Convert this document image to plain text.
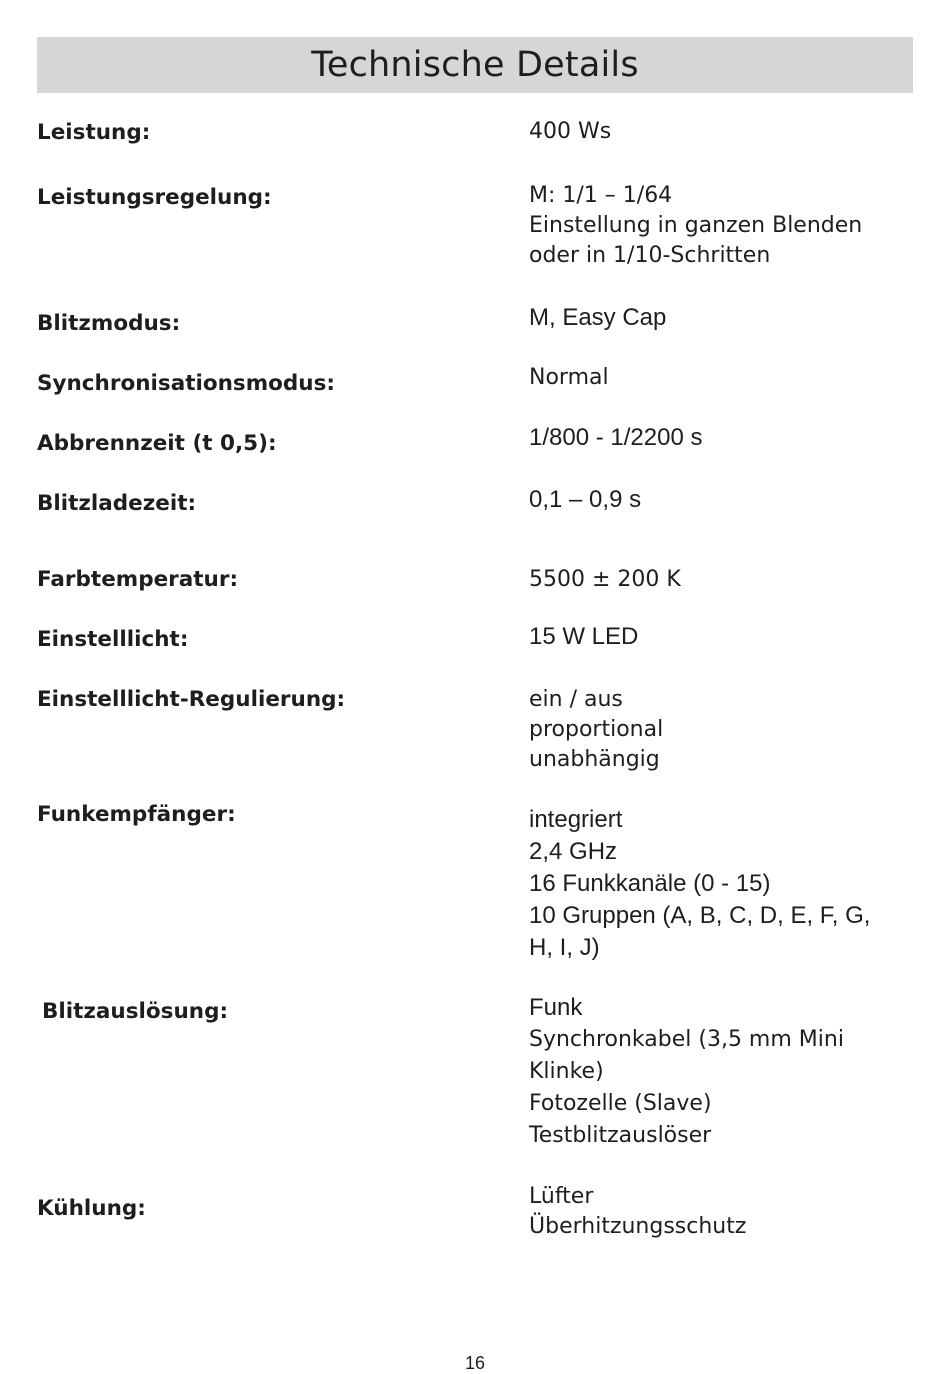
Technische Details
Leistung:	400 Ws
Leistungsregelung:	M: 1/1 – 1/64
Einstellung in ganzen Blenden
oder in 1/10-Schritten
Blitzmodus:	M, Easy Cap
Synchronisationsmodus:	Normal
Abbrennzeit (t 0,5):	1/800 - 1/2200 s
Blitzladezeit:	0,1 – 0,9 s
Farbtemperatur:	5500 ± 200 K
Einstelllicht:	15 W LED
Einstelllicht-Regulierung:	ein / aus
proportional
unabhängig
Funkempfänger:	integriert
2,4 GHz
16 Funkkanäle (0 - 15)
10 Gruppen (A, B, C, D, E, F, G,
H, I, J)
Blitzauslösung:	Funk
Synchronkabel (3,5 mm Mini
Klinke)
Fotozelle (Slave)
Testblitzauslöser
Kühlung:	Lüfter
Überhitzungsschutz
16
